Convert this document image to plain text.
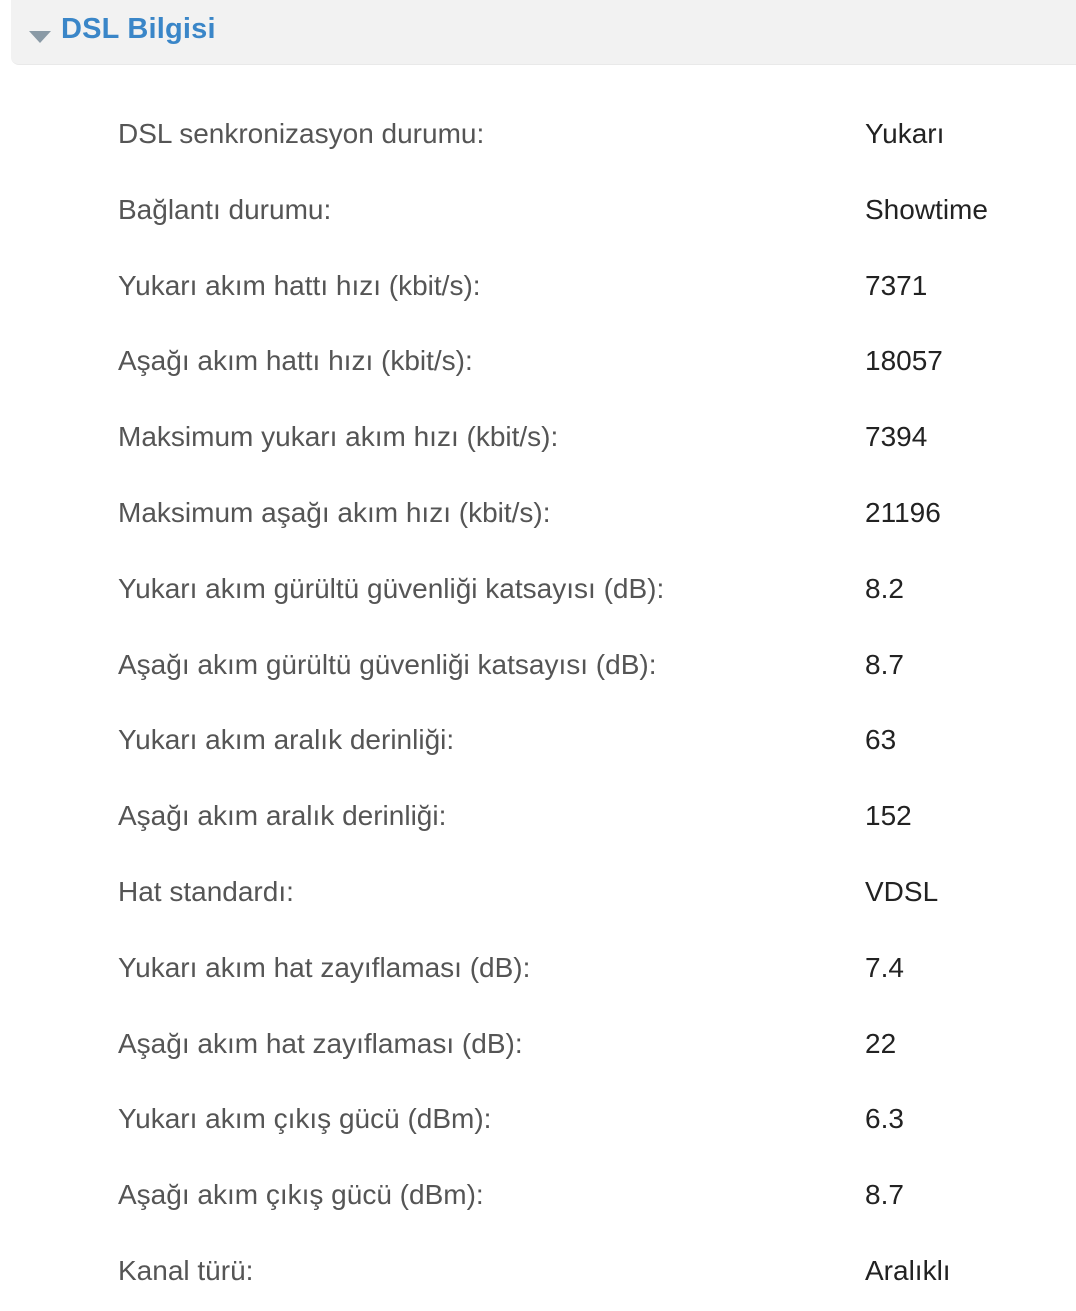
DSL Bilgisi
DSL senkronizasyon durumu:	Yukarı
Bağlantı durumu:	Showtime
Yukarı akım hattı hızı (kbit/s):	7371
Aşağı akım hattı hızı (kbit/s):	18057
Maksimum yukarı akım hızı (kbit/s):	7394
Maksimum aşağı akım hızı (kbit/s):	21196
Yukarı akım gürültü güvenliği katsayısı (dB):	8.2
Aşağı akım gürültü güvenliği katsayısı (dB):	8.7
Yukarı akım aralık derinliği:	63
Aşağı akım aralık derinliği:	152
Hat standardı:	VDSL
Yukarı akım hat zayıflaması (dB):	7.4
Aşağı akım hat zayıflaması (dB):	22
Yukarı akım çıkış gücü (dBm):	6.3
Aşağı akım çıkış gücü (dBm):	8.7
Kanal türü:	Aralıklı
